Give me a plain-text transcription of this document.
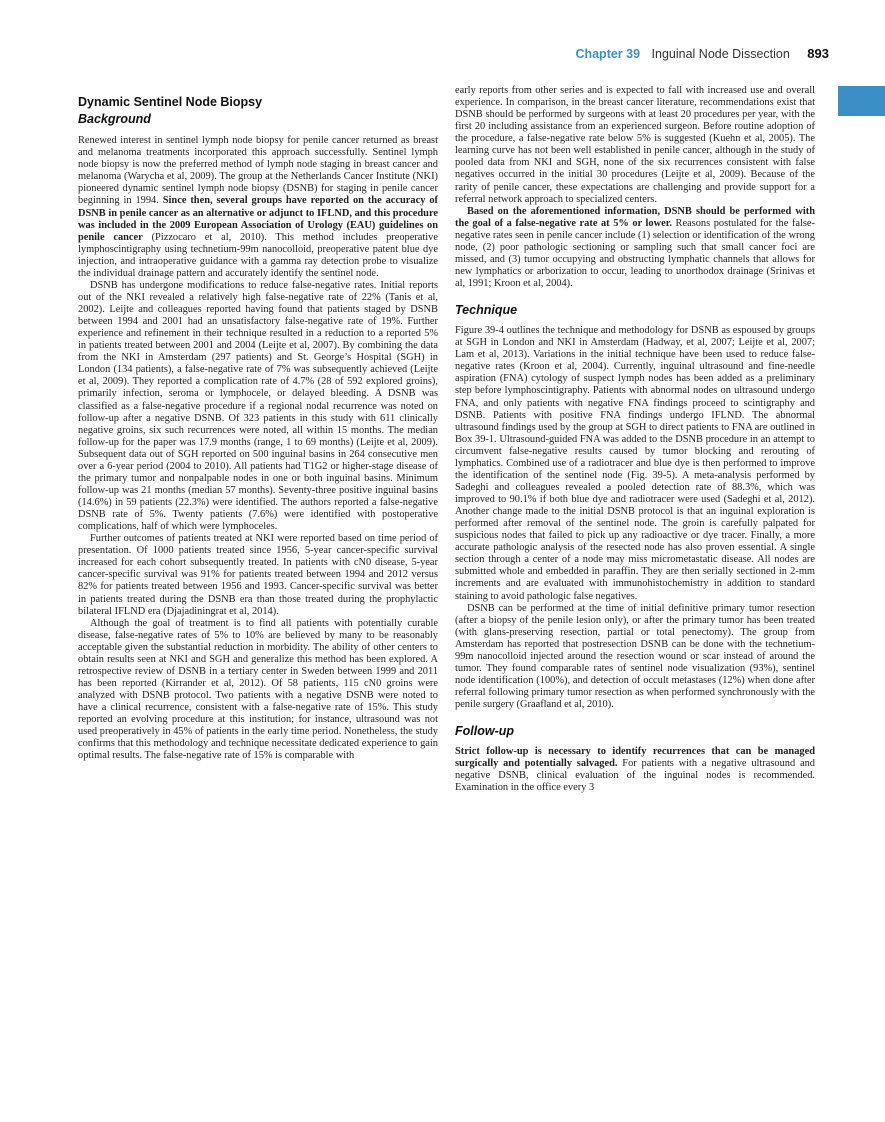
Chapter 39 Inguinal Node Dissection 893
Dynamic Sentinel Node Biopsy
Background

Renewed interest in sentinel lymph node biopsy for penile cancer returned as breast and melanoma treatments incorporated this approach successfully. Sentinel lymph node biopsy is now the preferred method of lymph node staging in breast cancer and melanoma (Warycha et al, 2009). The group at the Netherlands Cancer Institute (NKI) pioneered dynamic sentinel lymph node biopsy (DSNB) for staging in penile cancer beginning in 1994. Since then, several groups have reported on the accuracy of DSNB in penile cancer as an alternative or adjunct to IFLND, and this procedure was included in the 2009 European Association of Urology (EAU) guidelines on penile cancer (Pizzocaro et al, 2010). This method includes preoperative lymphoscintigraphy using technetium-99m nanocolloid, preoperative patent blue dye injection, and intraoperative guidance with a gamma ray detection probe to visualize the individual drainage pattern and accurately identify the sentinel node.

DSNB has undergone modifications to reduce false-negative rates. Initial reports out of the NKI revealed a relatively high false-negative rate of 22% (Tanis et al, 2002). Leijte and colleagues reported having found that patients staged by DSNB between 1994 and 2001 had an unsatisfactory false-negative rate of 19%. Further experience and refinement in their technique resulted in a reduction to a reported 5% in patients treated between 2001 and 2004 (Leijte et al, 2007). By combining the data from the NKI in Amsterdam (297 patients) and St. George’s Hospital (SGH) in London (134 patients), a false-negative rate of 7% was subsequently achieved (Leijte et al, 2009). They reported a complication rate of 4.7% (28 of 592 explored groins), primarily infection, seroma or lymphocele, or delayed bleeding. A DSNB was classified as a false-negative procedure if a regional nodal recurrence was noted on follow-up after a negative DSNB. Of 323 patients in this study with 611 clinically negative groins, six such recurrences were noted, all within 15 months. The median follow-up for the paper was 17.9 months (range, 1 to 69 months) (Leijte et al, 2009). Subsequent data out of SGH reported on 500 inguinal basins in 264 consecutive men over a 6-year period (2004 to 2010). All patients had T1G2 or higher-stage disease of the primary tumor and nonpalpable nodes in one or both inguinal basins. Minimum follow-up was 21 months (median 57 months). Seventy-three positive inguinal basins (14.6%) in 59 patients (22.3%) were identified. The authors reported a false-negative DSNB rate of 5%. Twenty patients (7.6%) were identified with postoperative complications, half of which were lymphoceles.

Further outcomes of patients treated at NKI were reported based on time period of presentation. Of 1000 patients treated since 1956, 5-year cancer-specific survival increased for each cohort subsequently treated. In patients with cN0 disease, 5-year cancer-specific survival was 91% for patients treated between 1994 and 2012 versus 82% for patients treated between 1956 and 1993. Cancer-specific survival was better in patients treated during the DSNB era than those treated during the prophylactic bilateral IFLND era (Djajadiningrat et al, 2014).

Although the goal of treatment is to find all patients with potentially curable disease, false-negative rates of 5% to 10% are believed by many to be reasonably acceptable given the substantial reduction in morbidity. The ability of other centers to obtain results seen at NKI and SGH and generalize this method has been explored. A retrospective review of DSNB in a tertiary center in Sweden between 1999 and 2011 has been reported (Kirrander et al, 2012). Of 58 patients, 115 cN0 groins were analyzed with DSNB protocol. Two patients with a negative DSNB were noted to have a clinical recurrence, consistent with a false-negative rate of 15%. This study reported an evolving procedure at this institution; for instance, ultrasound was not used preoperatively in 45% of patients in the early time period. Nonetheless, the study confirms that this methodology and technique necessitate dedicated experience to gain optimal results. The false-negative rate of 15% is comparable with

early reports from other series and is expected to fall with increased use and overall experience. In comparison, in the breast cancer literature, recommendations exist that DSNB should be performed by surgeons with at least 20 procedures per year, with the first 20 including assistance from an experienced surgeon. Before routine adoption of the procedure, a false-negative rate below 5% is suggested (Kuehn et al, 2005). The learning curve has not been well established in penile cancer, although in the study of pooled data from NKI and SGH, none of the six recurrences consistent with false negatives occurred in the initial 30 procedures (Leijte et al, 2009). Because of the rarity of penile cancer, these expectations are challenging and provide support for a referral network approach to specialized centers.

Based on the aforementioned information, DSNB should be performed with the goal of a false-negative rate at 5% or lower. Reasons postulated for the false-negative rates seen in penile cancer include (1) selection or identification of the wrong node, (2) poor pathologic sectioning or sampling such that small cancer foci are missed, and (3) tumor occupying and obstructing lymphatic channels that allows for new lymphatics or arborization to occur, leading to unorthodox drainage (Srinivas et al, 1991; Kroon et al, 2004).

Technique

Figure 39-4 outlines the technique and methodology for DSNB as espoused by groups at SGH in London and NKI in Amsterdam (Hadway, et al, 2007; Leijte et al, 2007; Lam et al, 2013). Variations in the initial technique have been used to reduce false-negative rates (Kroon et al, 2004). Currently, inguinal ultrasound and fine-needle aspiration (FNA) cytology of suspect lymph nodes has been added as a preliminary step before lymphoscintigraphy. Patients with abnormal nodes on ultrasound undergo FNA, and only patients with negative FNA findings proceed to scintigraphy and DSNB. Patients with positive FNA findings undergo IFLND. The abnormal ultrasound findings used by the group at SGH to direct patients to FNA are outlined in Box 39-1. Ultrasound-guided FNA was added to the DSNB procedure in an attempt to circumvent false-negative results caused by tumor blocking and rerouting of lymphatics. Combined use of a radiotracer and blue dye is then performed to improve the identification of the sentinel node (Fig. 39-5). A meta-analysis performed by Sadeghi and colleagues revealed a pooled detection rate of 88.3%, which was improved to 90.1% if both blue dye and radiotracer were used (Sadeghi et al, 2012). Another change made to the initial DSNB protocol is that an inguinal exploration is performed after removal of the sentinel node. The groin is carefully palpated for suspicious nodes that failed to pick up any radioactive or dye tracer. Finally, a more accurate pathologic analysis of the resected node has also proven essential. A single section through a center of a node may miss micrometastatic disease. All nodes are submitted whole and embedded in paraffin. They are then serially sectioned in 2-mm increments and are evaluated with immunohistochemistry in addition to standard staining to avoid pathologic false negatives.

DSNB can be performed at the time of initial definitive primary tumor resection (after a biopsy of the penile lesion only), or after the primary tumor has been treated (with glans-preserving resection, partial or total penectomy). The group from Amsterdam has reported that postresection DSNB can be done with the technetium-99m nanocolloid injected around the resection wound or scar instead of around the tumor. They found comparable rates of sentinel node visualization (93%), sentinel node identification (100%), and detection of occult metastases (12%) when done after referral following primary tumor resection as when performed synchronously with the penile surgery (Graafland et al, 2010).

Follow-up

Strict follow-up is necessary to identify recurrences that can be managed surgically and potentially salvaged. For patients with a negative ultrasound and negative DSNB, clinical evaluation of the inguinal nodes is recommended. Examination in the office every 3
